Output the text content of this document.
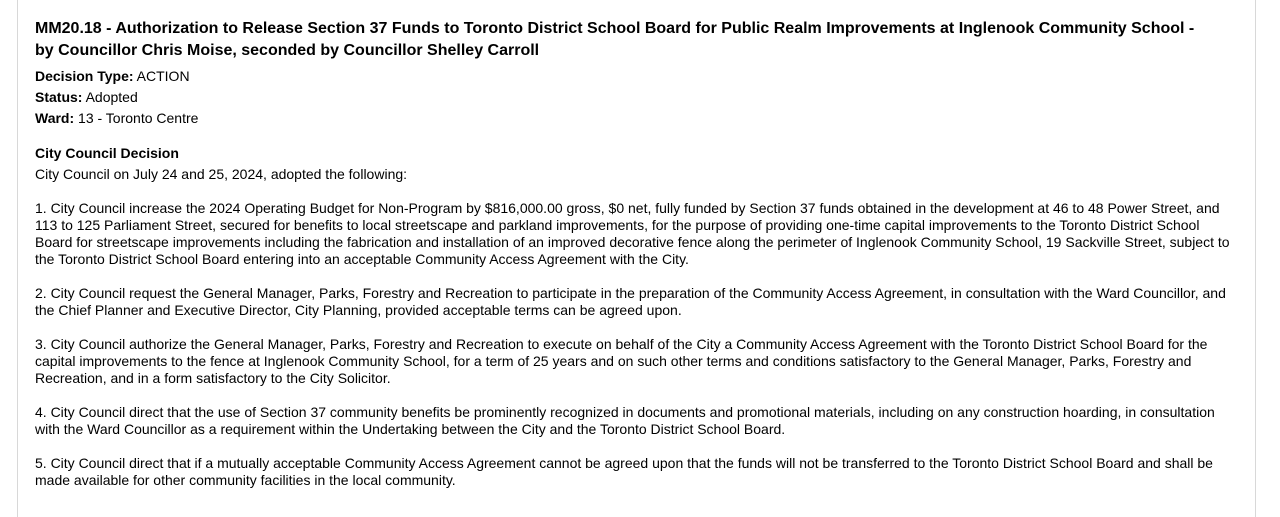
MM20.18 - Authorization to Release Section 37 Funds to Toronto District School Board for Public Realm Improvements at Inglenook Community School - by Councillor Chris Moise, seconded by Councillor Shelley Carroll
Decision Type: ACTION
Status: Adopted
Ward: 13 - Toronto Centre
City Council Decision
City Council on July 24 and 25, 2024, adopted the following:

1. City Council increase the 2024 Operating Budget for Non-Program by $816,000.00 gross, $0 net, fully funded by Section 37 funds obtained in the development at 46 to 48 Power Street, and 113 to 125 Parliament Street, secured for benefits to local streetscape and parkland improvements, for the purpose of providing one-time capital improvements to the Toronto District School Board for streetscape improvements including the fabrication and installation of an improved decorative fence along the perimeter of Inglenook Community School, 19 Sackville Street, subject to the Toronto District School Board entering into an acceptable Community Access Agreement with the City.

2. City Council request the General Manager, Parks, Forestry and Recreation to participate in the preparation of the Community Access Agreement, in consultation with the Ward Councillor, and the Chief Planner and Executive Director, City Planning, provided acceptable terms can be agreed upon.

3. City Council authorize the General Manager, Parks, Forestry and Recreation to execute on behalf of the City a Community Access Agreement with the Toronto District School Board for the capital improvements to the fence at Inglenook Community School, for a term of 25 years and on such other terms and conditions satisfactory to the General Manager, Parks, Forestry and Recreation, and in a form satisfactory to the City Solicitor.

4. City Council direct that the use of Section 37 community benefits be prominently recognized in documents and promotional materials, including on any construction hoarding, in consultation with the Ward Councillor as a requirement within the Undertaking between the City and the Toronto District School Board.

5. City Council direct that if a mutually acceptable Community Access Agreement cannot be agreed upon that the funds will not be transferred to the Toronto District School Board and shall be made available for other community facilities in the local community.
